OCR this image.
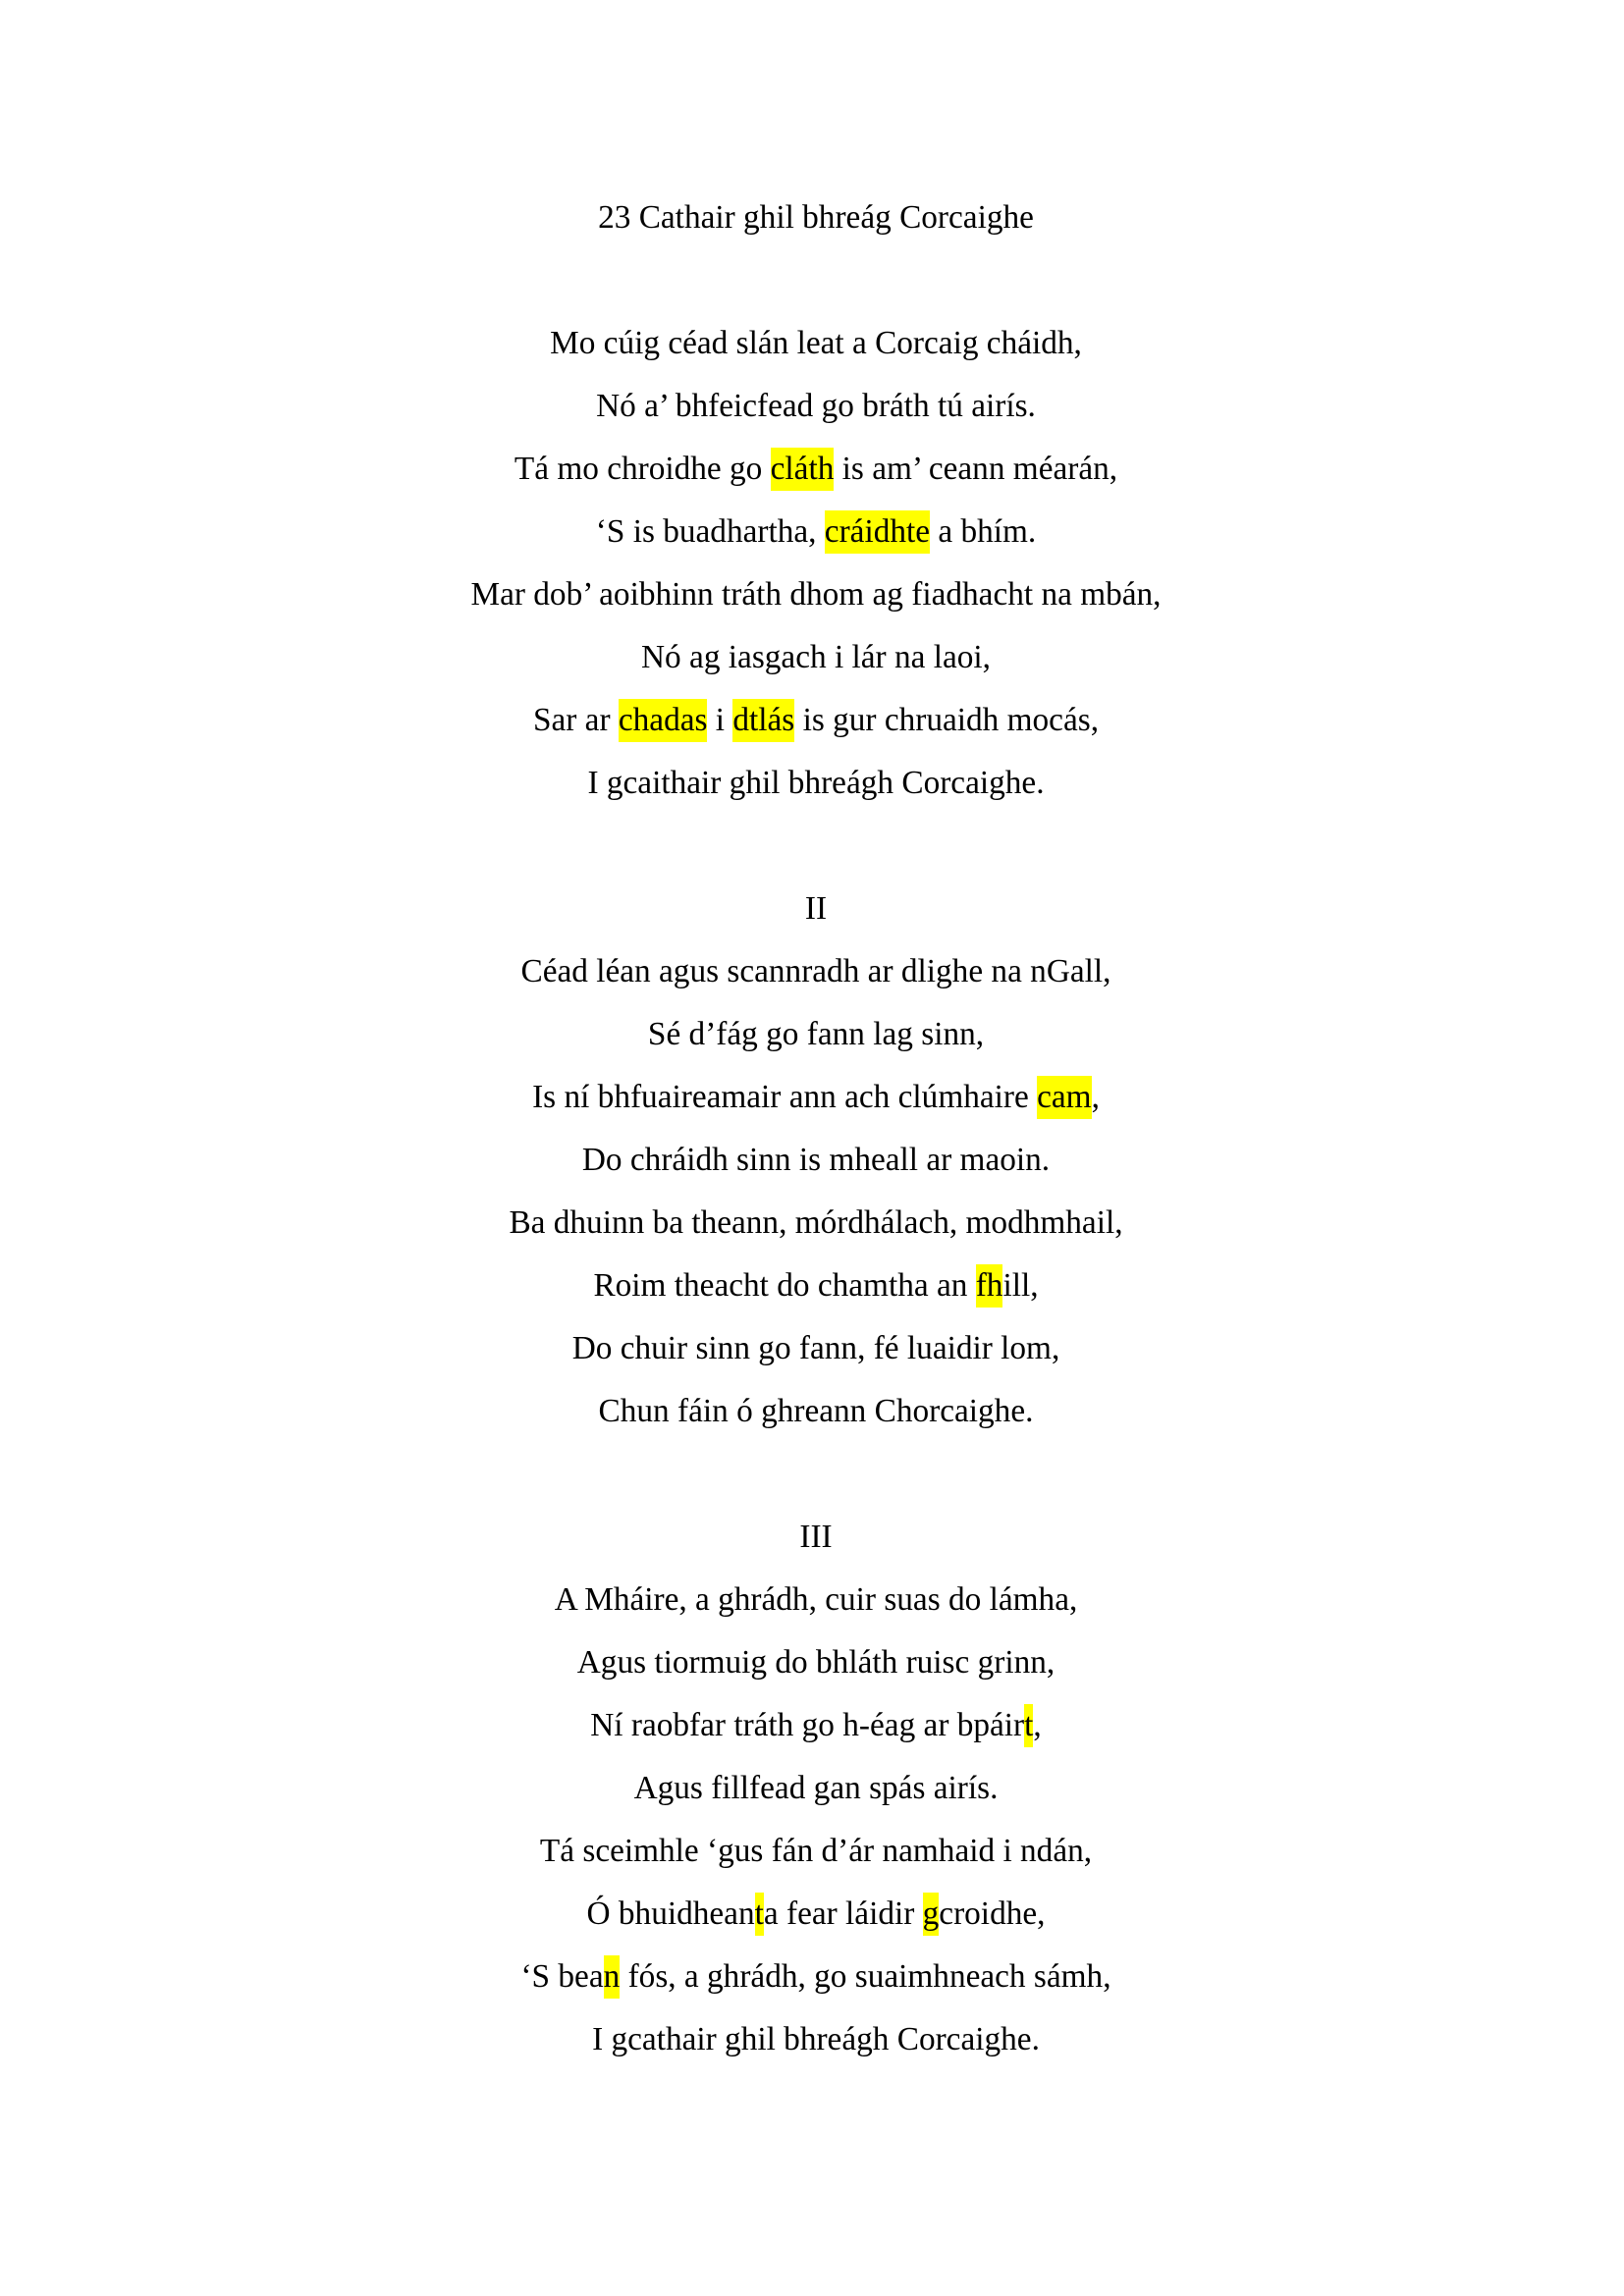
23 Cathair ghil bhreág Corcaighe
Mo cúig céad slán leat a Corcaig cháidh,
Nó a’ bhfeicfead go bráth tú airís.
Tá mo chroidhe go cláth is am’ ceann méarán,
‘S is buadhartha, cráidhte a bhím.
Mar dob’ aoibhinn tráth dhom ag fiadhacht na mbán,
Nó ag iasgach i lár na laoi,
Sar ar chadas i dtlás is gur chruaidh mocás,
I gcaithair ghil bhreágh Corcaighe.
II
Céad léan agus scannradh ar dlighe na nGall,
Sé d’fág go fann lag sinn,
Is ní bhfuaireamair ann ach clúmhaire cam,
Do chráidh sinn is mheall ar maoin.
Ba dhuinn ba theann, mórdhálach, modhmhail,
Roim theacht do chamtha an fhill,
Do chuir sinn go fann, fé luaidir lom,
Chun fáin ó ghreann Chorcaighe.
III
A Mháire, a ghrádh, cuir suas do lámha,
Agus tiormuig do bhláth ruisc grinn,
Ní raobfar tráth go h-éag ar bpáirt,
Agus fillfead gan spás airís.
Tá sceimhle ‘gus fán d’ár namhaid i ndán,
Ó bhuidheanta fear láidir gcroidhe,
‘S bean fós, a ghrádh, go suaimhneach sámh,
I gcathair ghil bhreágh Corcaighe.
